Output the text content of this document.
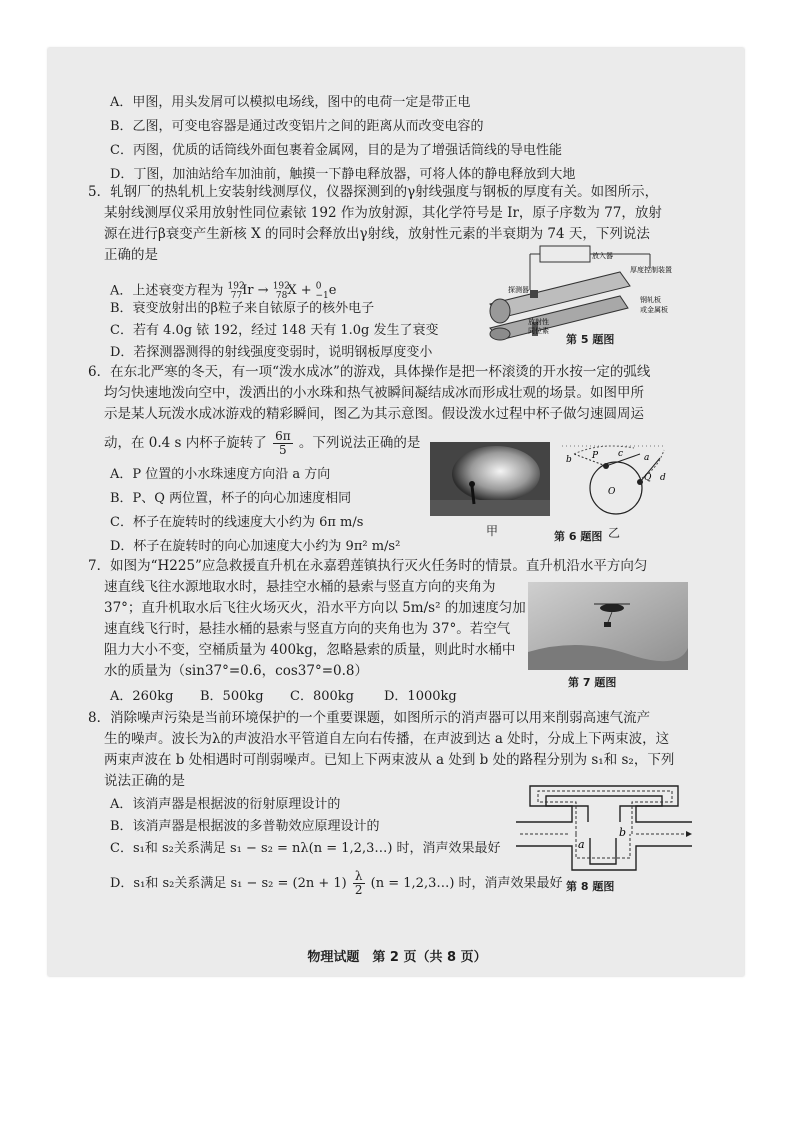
A．甲图，用头发屑可以模拟电场线，图中的电荷一定是带正电
B．乙图，可变电容器是通过改变铝片之间的距离从而改变电容的
C．丙图，优质的话筒线外面包裹着金属网，目的是为了增强话筒线的导电性能
D．丁图，加油站给车加油前，触摸一下静电释放器，可将人体的静电释放到大地
5．轧钢厂的热轧机上安装射线测厚仪，仪器探测到的γ射线强度与钢板的厚度有关。如图所示，
某射线测厚仪采用放射性同位素铱 192 作为放射源，其化学符号是 Ir，原子序数为 77，放射
源在进行β衰变产生新核 X 的同时会释放出γ射线，放射性元素的半衰期为 74 天，下列说法
正确的是
A．上述衰变方程为 $^{192}_{77}$Ir → $^{192}_{78}$X + $^0_{-1}$e
B．衰变放射出的β粒子来自铱原子的核外电子
C．若有 4.0g 铱 192，经过 148 天有 1.0g 发生了衰变
D．若探测器测得的射线强度变弱时，说明钢板厚度变小
放入器
厚度控制装置
探测器
钢轧板
或金属板
放射性
同位素
第 5 题图
6．在东北严寒的冬天，有一项“泼水成冰”的游戏，具体操作是把一杯滚烫的开水按一定的弧线
均匀快速地泼向空中，泼洒出的小水珠和热气被瞬间凝结成冰而形成壮观的场景。如图甲所
示是某人玩泼水成冰游戏的精彩瞬间，图乙为其示意图。假设泼水过程中杯子做匀速圆周运
动，在 0.4 s 内杯子旋转了 $\frac{6\pi}{5}$ 。下列说法正确的是
A．P 位置的小水珠速度方向沿 a 方向
B．P、Q 两位置，杯子的向心加速度相同
C．杯子在旋转时的线速度大小约为 6π m/s
D．杯子在旋转时的向心加速度大小约为 9π² m/s²
甲
b P c a
Q d
O
第 6 题图 乙
7．如图为“H225”应急救援直升机在永嘉碧莲镇执行灭火任务时的情景。直升机沿水平方向匀
速直线飞往水源地取水时，悬挂空水桶的悬索与竖直方向的夹角为
37°；直升机取水后飞往火场灭火，沿水平方向以 5m/s² 的加速度匀加
速直线飞行时，悬挂水桶的悬索与竖直方向的夹角也为 37°。若空气
阻力大小不变，空桶质量为 400kg，忽略悬索的质量，则此时水桶中
水的质量为（sin37°=0.6，cos37°=0.8）
A．260kg B．500kg C．800kg D．1000kg
第 7 题图
8．消除噪声污染是当前环境保护的一个重要课题，如图所示的消声器可以用来削弱高速气流产
生的噪声。波长为λ的声波沿水平管道自左向右传播，在声波到达 a 处时，分成上下两束波，这
两束声波在 b 处相遇时可削弱噪声。已知上下两束波从 a 处到 b 处的路程分别为 s₁和 s₂，下列
说法正确的是
A．该消声器是根据波的衍射原理设计的
B．该消声器是根据波的多普勒效应原理设计的
C．s₁和 s₂关系满足 s₁ − s₂ = nλ(n = 1,2,3…) 时，消声效果最好
D．s₁和 s₂关系满足 $s_1 - s_2 = (2n + 1) \frac{\lambda}{2} (n$ = 1,2,3…) 时，消声效果最好
a
b
第 8 题图
物理试题　第 2 页（共 8 页）
